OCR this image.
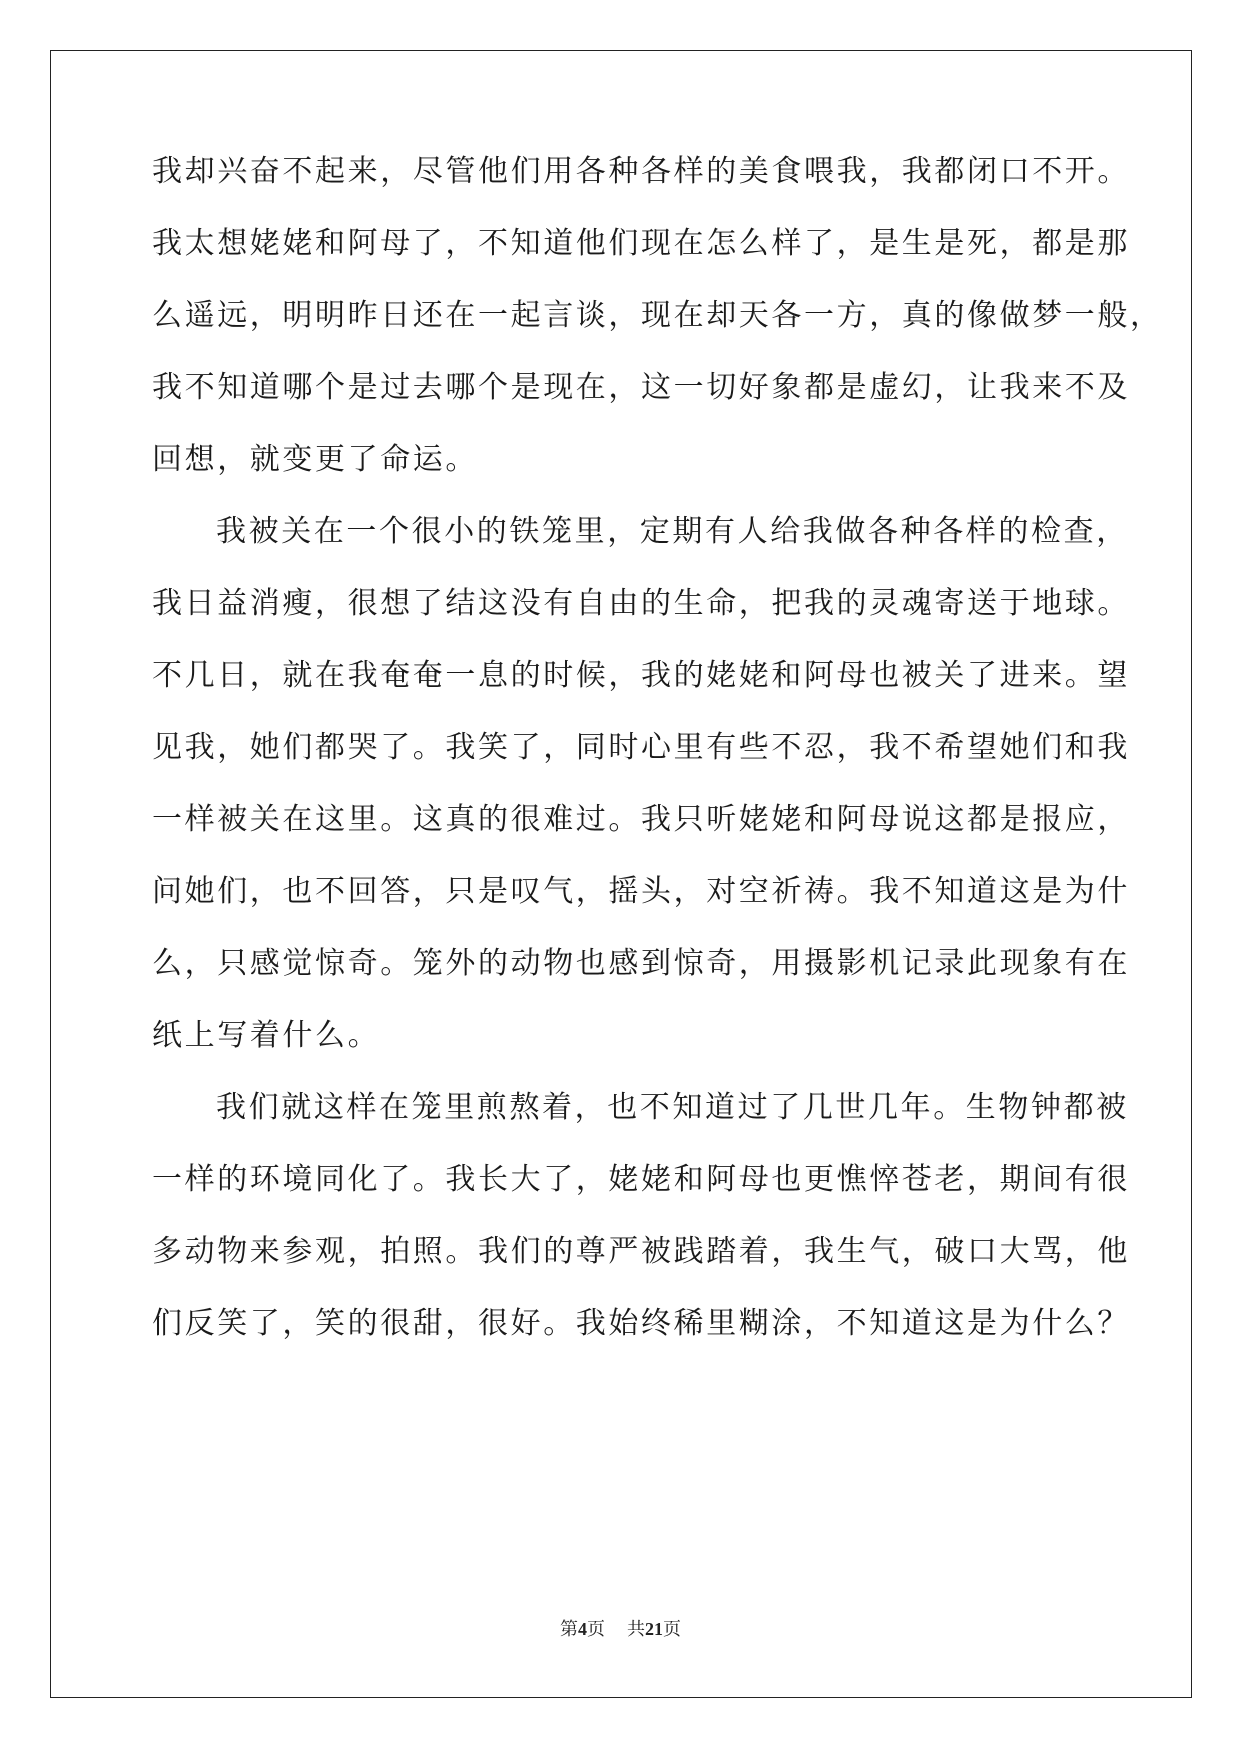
我却兴奋不起来，尽管他们用各种各样的美食喂我，我都闭口不开。
我太想姥姥和阿母了，不知道他们现在怎么样了，是生是死，都是那
么遥远，明明昨日还在一起言谈，现在却天各一方，真的像做梦一般，
我不知道哪个是过去哪个是现在，这一切好象都是虚幻，让我来不及
回想，就变更了命运。
我被关在一个很小的铁笼里，定期有人给我做各种各样的检查，
我日益消瘦，很想了结这没有自由的生命，把我的灵魂寄送于地球。
不几日，就在我奄奄一息的时候，我的姥姥和阿母也被关了进来。望
见我，她们都哭了。我笑了，同时心里有些不忍，我不希望她们和我
一样被关在这里。这真的很难过。我只听姥姥和阿母说这都是报应，
问她们，也不回答，只是叹气，摇头，对空祈祷。我不知道这是为什
么，只感觉惊奇。笼外的动物也感到惊奇，用摄影机记录此现象有在
纸上写着什么。
我们就这样在笼里煎熬着，也不知道过了几世几年。生物钟都被
一样的环境同化了。我长大了，姥姥和阿母也更憔悴苍老，期间有很
多动物来参观，拍照。我们的尊严被践踏着，我生气，破口大骂，他
们反笑了，笑的很甜，很好。我始终稀里糊涂，不知道这是为什么？
第4页 共21页
